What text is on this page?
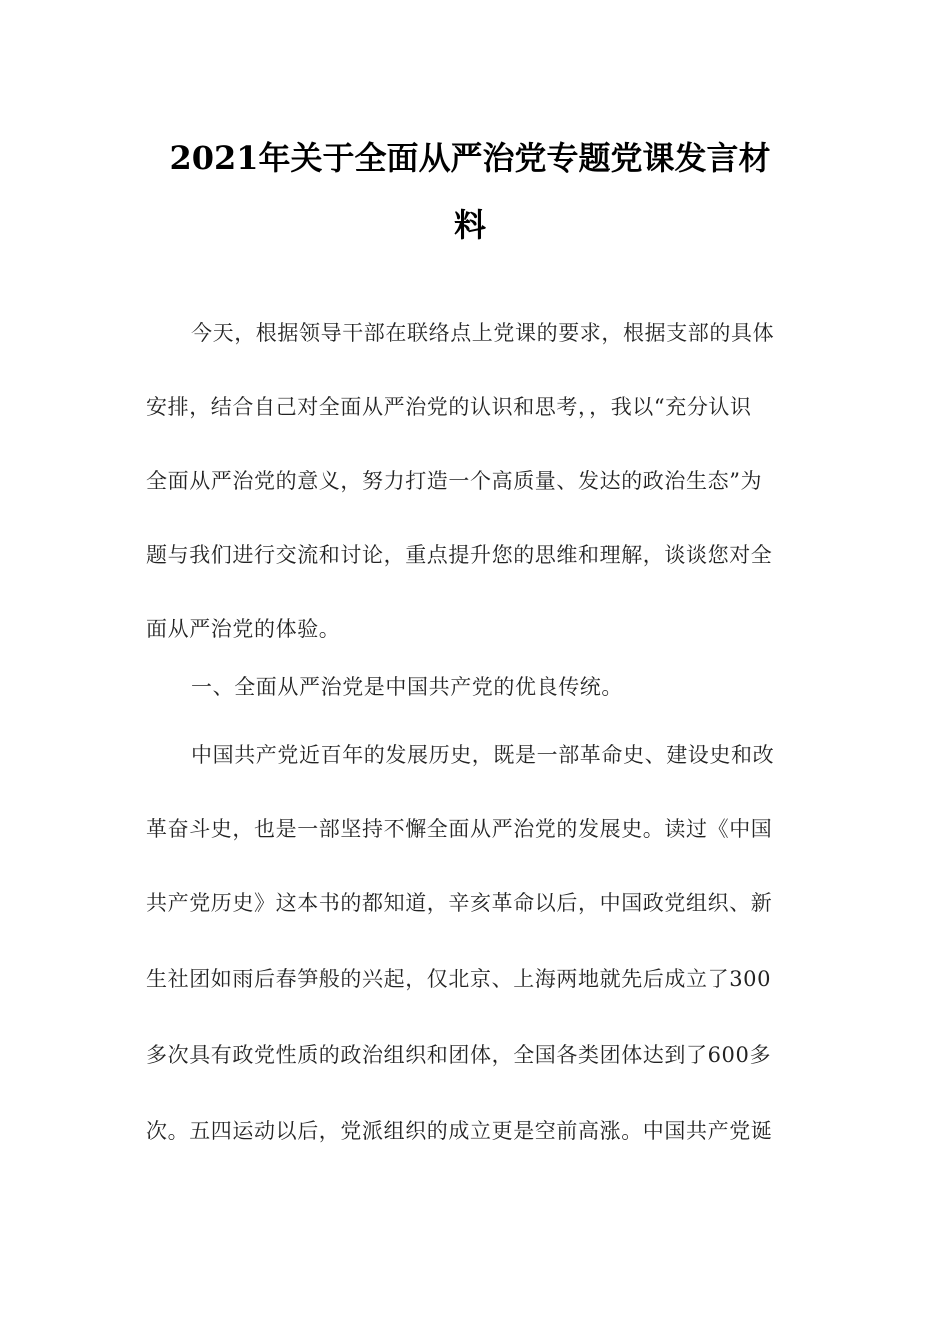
2021年关于全面从严治党专题党课发言材
料
今天，根据领导干部在联络点上党课的要求，根据支部的具体
安排，结合自己对全面从严治党的认识和思考，，我以“充分认识
全面从严治党的意义，努力打造一个高质量、发达的政治生态”为
题与我们进行交流和讨论，重点提升您的思维和理解，谈谈您对全
面从严治党的体验。
一、全面从严治党是中国共产党的优良传统。
中国共产党近百年的发展历史，既是一部革命史、建设史和改
革奋斗史，也是一部坚持不懈全面从严治党的发展史。读过《中国
共产党历史》这本书的都知道，辛亥革命以后，中国政党组织、新
生社团如雨后春笋般的兴起，仅北京、上海两地就先后成立了300
多次具有政党性质的政治组织和团体，全国各类团体达到了600多
次。五四运动以后，党派组织的成立更是空前高涨。中国共产党诞
